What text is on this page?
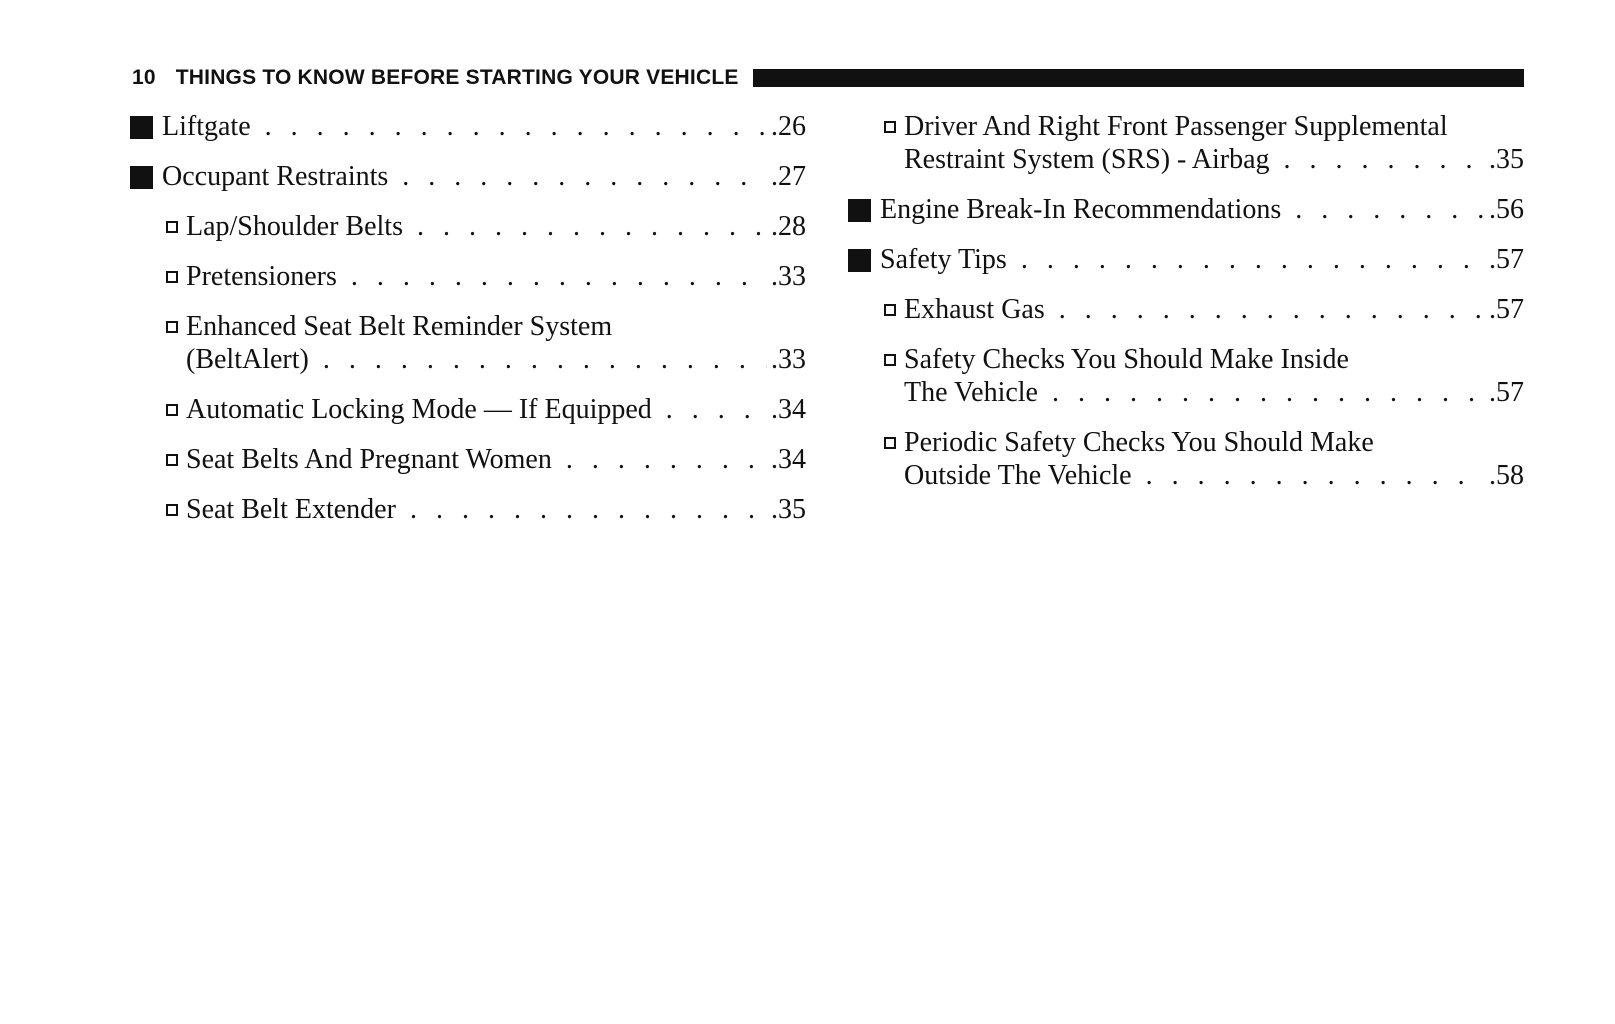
10 THINGS TO KNOW BEFORE STARTING YOUR VEHICLE
Liftgate . . .	.26
Occupant Restraints . . .	.27
Lap/Shoulder Belts . . .	.28
Pretensioners . . .	.33
Enhanced Seat Belt Reminder System
(BeltAlert) . . .	.33
Automatic Locking Mode — If Equipped . . .	.34
Seat Belts And Pregnant Women . . .	.34
Seat Belt Extender . . .	.35
Driver And Right Front Passenger Supplemental
Restraint System (SRS) - Airbag . . .	.35
Engine Break-In Recommendations . . .	.56
Safety Tips . . .	.57
Exhaust Gas . . .	.57
Safety Checks You Should Make Inside
The Vehicle . . .	.57
Periodic Safety Checks You Should Make
Outside The Vehicle . . .	.58
